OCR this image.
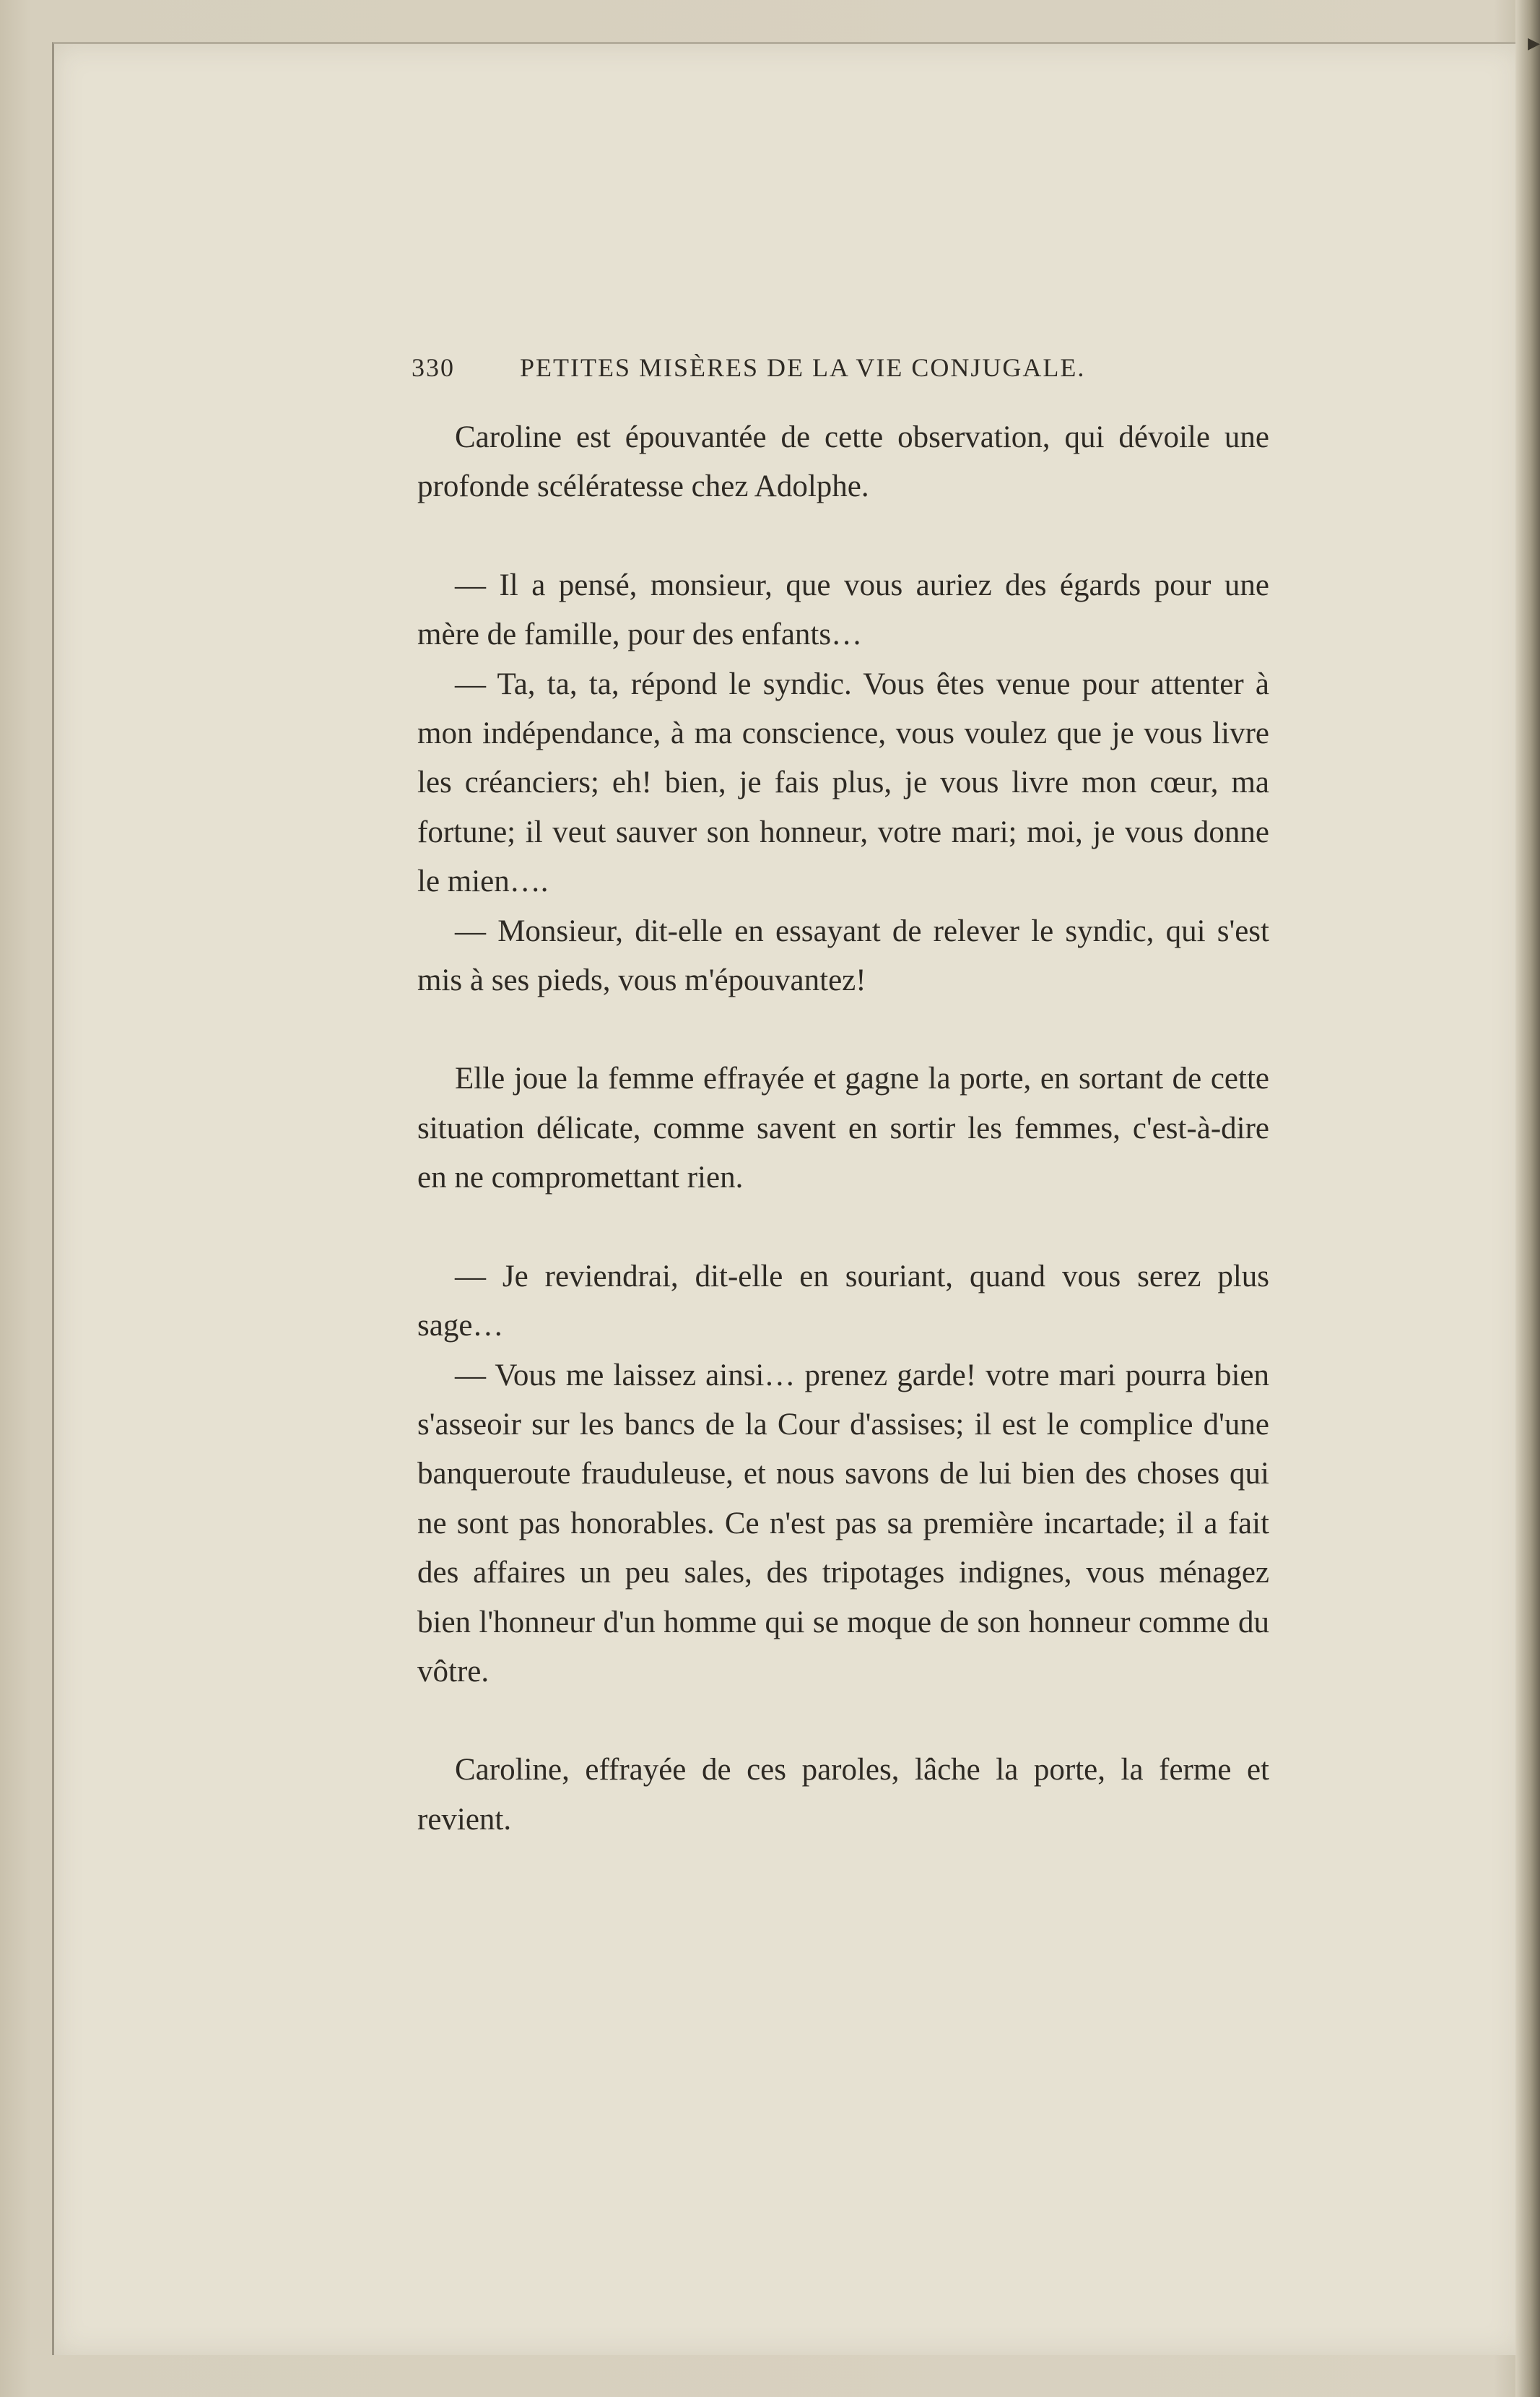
▶
330	PETITES MISÈRES DE LA VIE CONJUGALE.

Caroline est épouvantée de cette observation, qui dévoile une profonde scélératesse chez Adolphe.

— Il a pensé, monsieur, que vous auriez des égards pour une mère de famille, pour des enfants…

— Ta, ta, ta, répond le syndic. Vous êtes venue pour attenter à mon indépendance, à ma conscience, vous voulez que je vous livre les créanciers; eh! bien, je fais plus, je vous livre mon cœur, ma fortune; il veut sauver son honneur, votre mari; moi, je vous donne le mien….

— Monsieur, dit-elle en essayant de relever le syndic, qui s'est mis à ses pieds, vous m'épouvantez!

Elle joue la femme effrayée et gagne la porte, en sortant de cette situation délicate, comme savent en sortir les femmes, c'est-à-dire en ne compromettant rien.

— Je reviendrai, dit-elle en souriant, quand vous serez plus sage…

— Vous me laissez ainsi… prenez garde! votre mari pourra bien s'asseoir sur les bancs de la Cour d'assises; il est le complice d'une banqueroute frauduleuse, et nous savons de lui bien des choses qui ne sont pas honorables. Ce n'est pas sa première incartade; il a fait des affaires un peu sales, des tripotages indignes, vous ménagez bien l'honneur d'un homme qui se moque de son honneur comme du vôtre.

Caroline, effrayée de ces paroles, lâche la porte, la ferme et revient.
